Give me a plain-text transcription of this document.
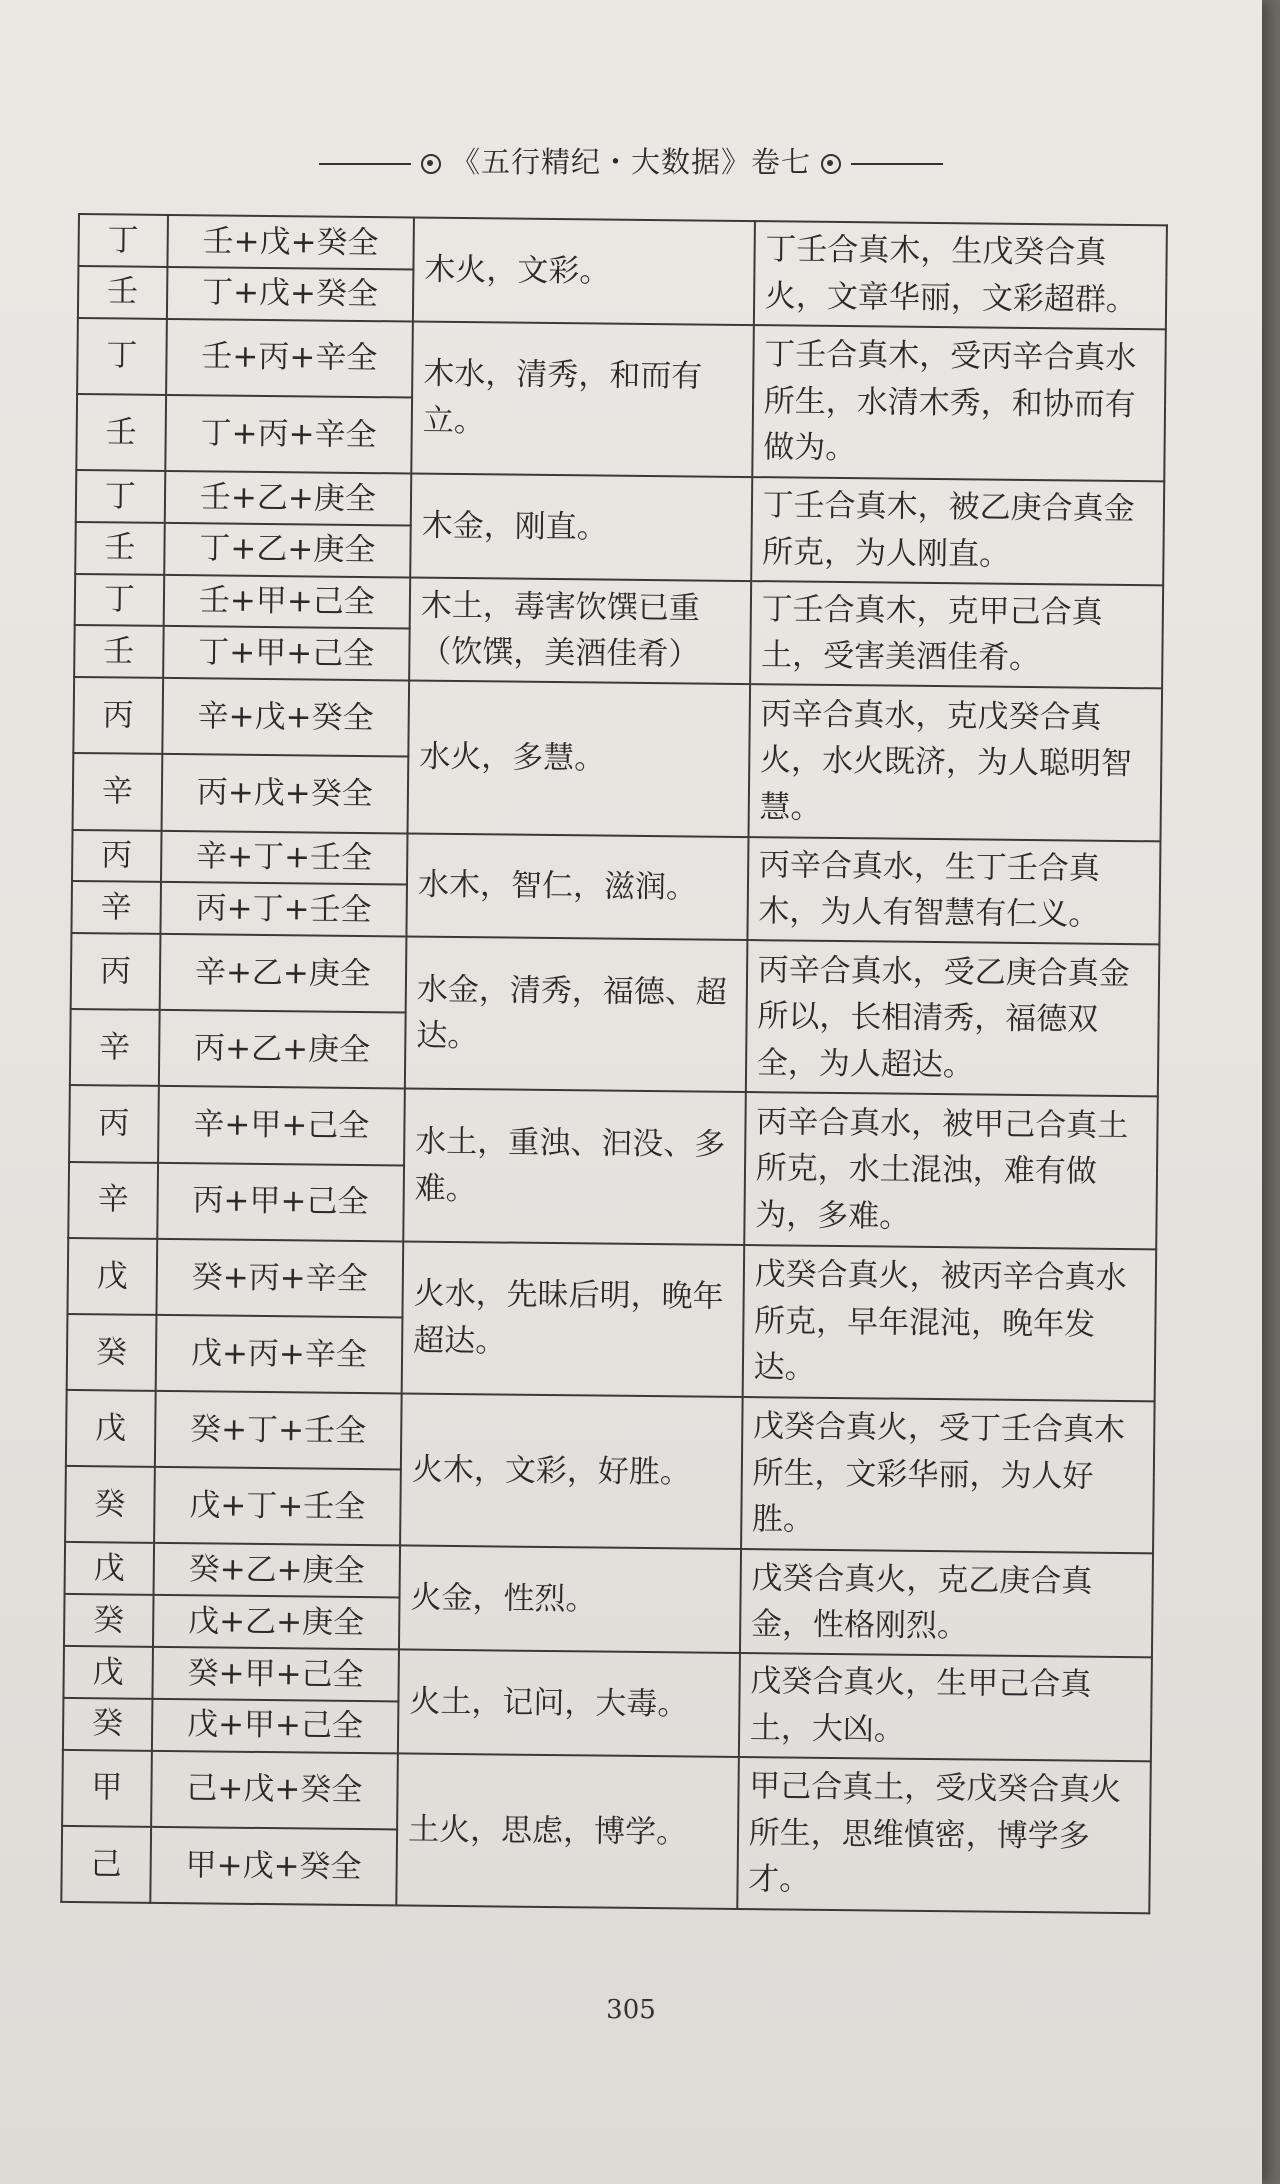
《五行精纪・大数据》卷七
丁	壬+戊+癸全	木火，文彩。	丁壬合真木，生戊癸合真火，文章华丽，文彩超群。
壬	丁+戊+癸全		
丁	壬+丙+辛全	木水，清秀，和而有立。	丁壬合真木，受丙辛合真水所生，水清木秀，和协而有做为。
壬	丁+丙+辛全		
丁	壬+乙+庚全	木金，刚直。	丁壬合真木，被乙庚合真金所克，为人刚直。
壬	丁+乙+庚全		
丁	壬+甲+己全	木土，毒害饮馔已重（饮馔，美酒佳肴）	丁壬合真木，克甲己合真土，受害美酒佳肴。
壬	丁+甲+己全		
丙	辛+戊+癸全	水火，多慧。	丙辛合真水，克戊癸合真火，水火既济，为人聪明智慧。
辛	丙+戊+癸全		
丙	辛+丁+壬全	水木，智仁，滋润。	丙辛合真水，生丁壬合真木，为人有智慧有仁义。
辛	丙+丁+壬全		
丙	辛+乙+庚全	水金，清秀，福德、超达。	丙辛合真水，受乙庚合真金所以，长相清秀，福德双全，为人超达。
辛	丙+乙+庚全		
丙	辛+甲+己全	水土，重浊、汩没、多难。	丙辛合真水，被甲己合真土所克，水土混浊，难有做为，多难。
辛	丙+甲+己全		
戊	癸+丙+辛全	火水，先昧后明，晚年超达。	戊癸合真火，被丙辛合真水所克，早年混沌，晚年发达。
癸	戊+丙+辛全		
戊	癸+丁+壬全	火木，文彩，好胜。	戊癸合真火，受丁壬合真木所生，文彩华丽，为人好胜。
癸	戊+丁+壬全		
戊	癸+乙+庚全	火金，性烈。	戊癸合真火，克乙庚合真金，性格刚烈。
癸	戊+乙+庚全		
戊	癸+甲+己全	火土，记问，大毒。	戊癸合真火，生甲己合真土，大凶。
癸	戊+甲+己全		
甲	己+戊+癸全	土火，思虑，博学。	甲己合真土，受戊癸合真火所生，思维慎密，博学多才。
己	甲+戊+癸全		
305
